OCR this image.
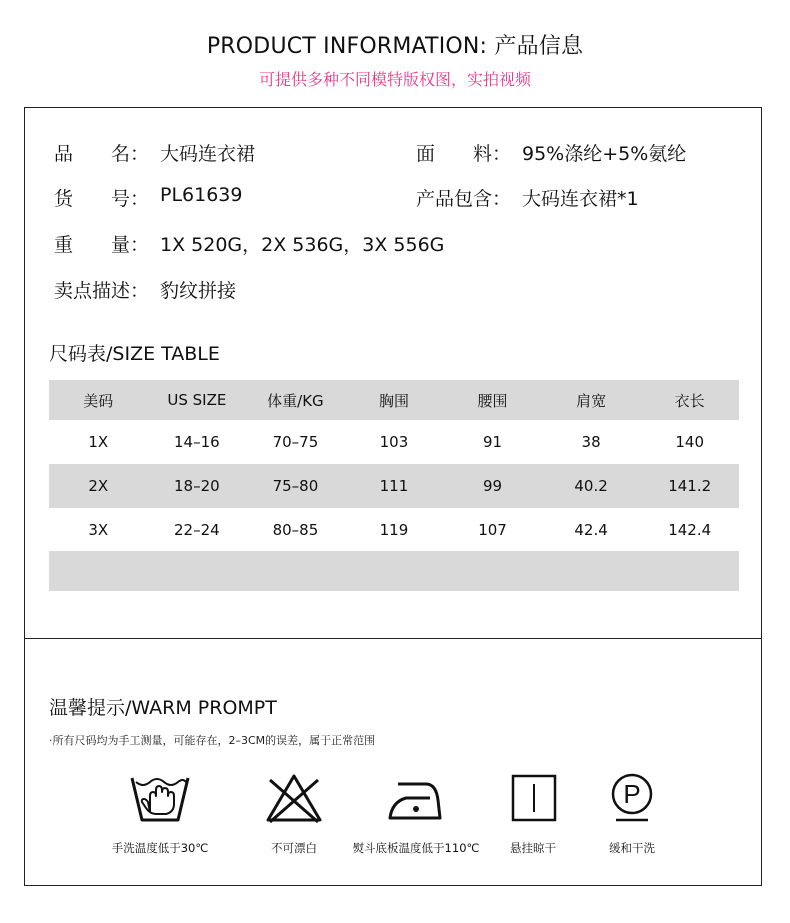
PRODUCT INFORMATION: 产品信息
可提供多种不同模特版权图，实拍视频
品　　名： 大码连衣裙	面　　料： 95%涤纶+5%氨纶
货　　号： PL61639	产品包含： 大码连衣裙*1
重　　量： 1X 520G，2X 536G，3X 556G
卖点描述： 豹纹拼接
尺码表/SIZE TABLE
美码	US SIZE	体重/KG	胸围	腰围	肩宽	衣长
1X	14–16	70–75	103	91	38	140
2X	18–20	75–80	111	99	40.2	141.2
3X	22–24	80–85	119	107	42.4	142.4
温馨提示/WARM PROMPT
·所有尺码均为手工测量，可能存在，2–3CM的误差，属于正常范围
手洗温度低于30℃	不可漂白	熨斗底板温度低于110℃	悬挂晾干
P
缓和干洗
